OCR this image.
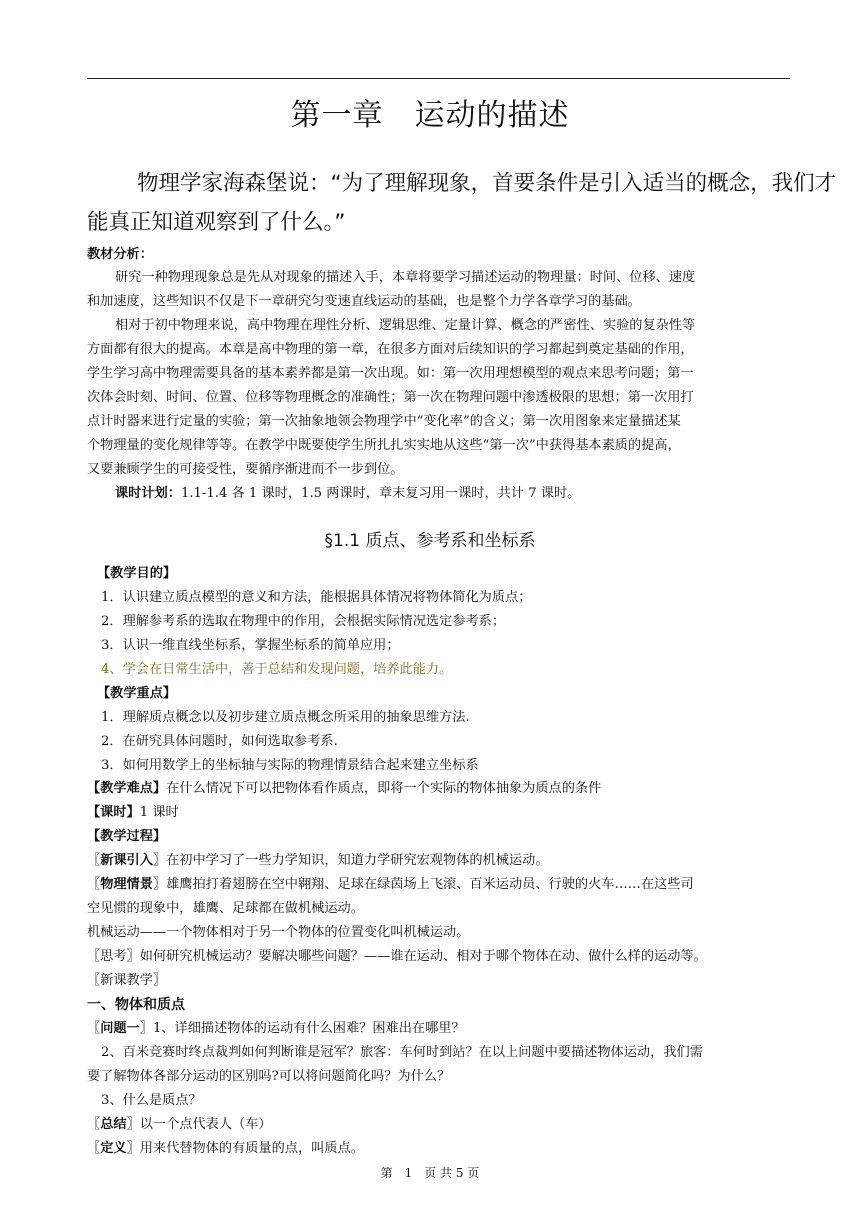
第一章　运动的描述
物理学家海森堡说：“为了理解现象，首要条件是引入适当的概念，我们才
能真正知道观察到了什么。”
教材分析：
研究一种物理现象总是先从对现象的描述入手，本章将要学习描述运动的物理量：时间、位移、速度
和加速度，这些知识不仅是下一章研究匀变速直线运动的基础，也是整个力学各章学习的基础。
相对于初中物理来说，高中物理在理性分析、逻辑思维、定量计算、概念的严密性、实验的复杂性等
方面都有很大的提高。本章是高中物理的第一章，在很多方面对后续知识的学习都起到奠定基础的作用，
学生学习高中物理需要具备的基本素养都是第一次出现。如：第一次用理想模型的观点来思考问题；第一
次体会时刻、时间、位置、位移等物理概念的准确性；第一次在物理问题中渗透极限的思想；第一次用打
点计时器来进行定量的实验；第一次抽象地领会物理学中“变化率”的含义；第一次用图象来定量描述某
个物理量的变化规律等等。在教学中既要使学生所扎扎实实地从这些“第一次”中获得基本素质的提高，
又要兼顾学生的可接受性，要循序渐进而不一步到位。
课时计划：1.1-1.4 各 1 课时，1.5 两课时，章末复习用一课时，共计 7 课时。
§1.1 质点、参考系和坐标系
【教学目的】
1．认识建立质点模型的意义和方法，能根据具体情况将物体简化为质点；
2．理解参考系的选取在物理中的作用，会根据实际情况选定参考系；
3．认识一维直线坐标系，掌握坐标系的简单应用；
4、学会在日常生活中，善于总结和发现问题，培养此能力。
【教学重点】
1．理解质点概念以及初步建立质点概念所采用的抽象思维方法.
2．在研究具体问题时，如何选取参考系.
3．如何用数学上的坐标轴与实际的物理情景结合起来建立坐标系
【教学难点】在什么情况下可以把物体看作质点，即将一个实际的物体抽象为质点的条件
【课时】1 课时
【教学过程】
〖新课引入〗在初中学习了一些力学知识，知道力学研究宏观物体的机械运动。
〖物理情景〗雄鹰拍打着翅膀在空中翱翔、足球在绿茵场上飞滚、百米运动员、行驶的火车……在这些司
空见惯的现象中，雄鹰、足球都在做机械运动。
机械运动——一个物体相对于另一个物体的位置变化叫机械运动。
〖思考〗如何研究机械运动？要解决哪些问题？——谁在运动、相对于哪个物体在动、做什么样的运动等。
〖新课教学〗
一、物体和质点
〖问题一〗1、详细描述物体的运动有什么困难？困难出在哪里？
2、百米竞赛时终点裁判如何判断谁是冠军？旅客：车何时到站？在以上问题中要描述物体运动，我们需
要了解物体各部分运动的区别吗?可以将问题简化吗？为什么？
3、什么是质点？
〖总结〗以一个点代表人（车）
〖定义〗用来代替物体的有质量的点，叫质点。
第　1　页 共 5 页
